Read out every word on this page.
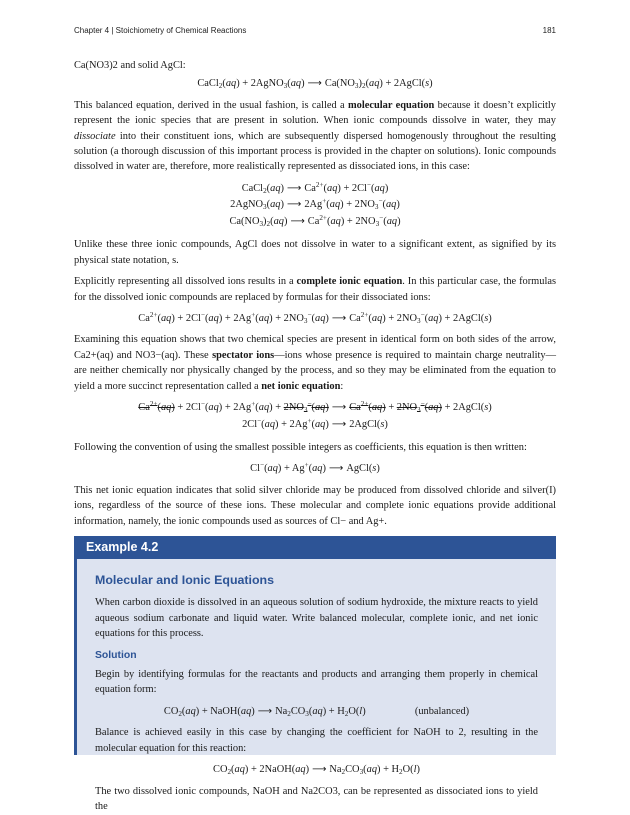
Chapter 4 | Stoichiometry of Chemical Reactions	181

Ca(NO3)2 and solid AgCl:

CaCl$_2$(aq) + 2AgNO$_3$(aq) ⟶ $Ca(NO_3)_2(aq)$ + 2AgCl(s)

This balanced equation, derived in the usual fashion, is called a molecular equation because it doesn’t explicitly represent the ionic species that are present in solution. When ionic compounds dissolve in water, they may dissociate into their constituent ions, which are subsequently dispersed homogenously throughout the resulting solution (a thorough discussion of this important process is provided in the chapter on solutions). Ionic compounds dissolved in water are, therefore, more realistically represented as dissociated ions, in this case:

CaCl$_2$(aq) ⟶ $Ca^{2+}(aq) + 2Cl^-(aq)$
2AgNO$_3$(aq) ⟶ $2Ag^+(aq) + 2NO_3^-(aq)$
$Ca(NO_3)_2(aq)$ ⟶ $Ca^{2+}(aq) + 2NO_3^-(aq)$

Unlike these three ionic compounds, AgCl does not dissolve in water to a significant extent, as signified by its physical state notation, s.

Explicitly representing all dissolved ions results in a complete ionic equation. In this particular case, the formulas for the dissolved ionic compounds are replaced by formulas for their dissociated ions:

$Ca^{2+}(aq) + 2Cl^-(aq) + 2Ag^+(aq) + 2NO_3^-(aq)$ ⟶ $Ca^{2+}(aq) + 2NO_3^-(aq)$ + 2AgCl(s)

Examining this equation shows that two chemical species are present in identical form on both sides of the arrow, Ca2+(aq) and NO3−(aq). These spectator ions—ions whose presence is required to maintain charge neutrality—are neither chemically nor physically changed by the process, and so they may be eliminated from the equation to yield a more succinct representation called a net ionic equation:

$Ca^{2+}(aq) + 2Cl^-(aq) + 2Ag^+(aq) + 2NO_3^-(aq)$ ⟶ $Ca^{2+}(aq) + 2NO_3^-(aq)$ + 2AgCl(s)
2Cl−(aq) + 2Ag+(aq) ⟶ 2AgCl(s)

Following the convention of using the smallest possible integers as coefficients, this equation is then written:

Cl−(aq) + Ag+(aq) ⟶ AgCl(s)

This net ionic equation indicates that solid silver chloride may be produced from dissolved chloride and silver(I) ions, regardless of the source of these ions. These molecular and complete ionic equations provide additional information, namely, the ionic compounds used as sources of Cl− and Ag+.

Example 4.2
Molecular and Ionic Equations

When carbon dioxide is dissolved in an aqueous solution of sodium hydroxide, the mixture reacts to yield aqueous sodium carbonate and liquid water. Write balanced molecular, complete ionic, and net ionic equations for this process.

Solution

Begin by identifying formulas for the reactants and products and arranging them properly in chemical equation form:

$CO_2(aq)$ + NaOH(aq) ⟶ $Na_2CO_3(aq) + H_2O(l)$	(unbalanced)

Balance is achieved easily in this case by changing the coefficient for NaOH to 2, resulting in the molecular equation for this reaction:

$CO_2(aq)$ + 2NaOH(aq) ⟶ $Na_2CO_3(aq) + H_2O(l)$

The two dissolved ionic compounds, NaOH and Na2CO3, can be represented as dissociated ions to yield the
